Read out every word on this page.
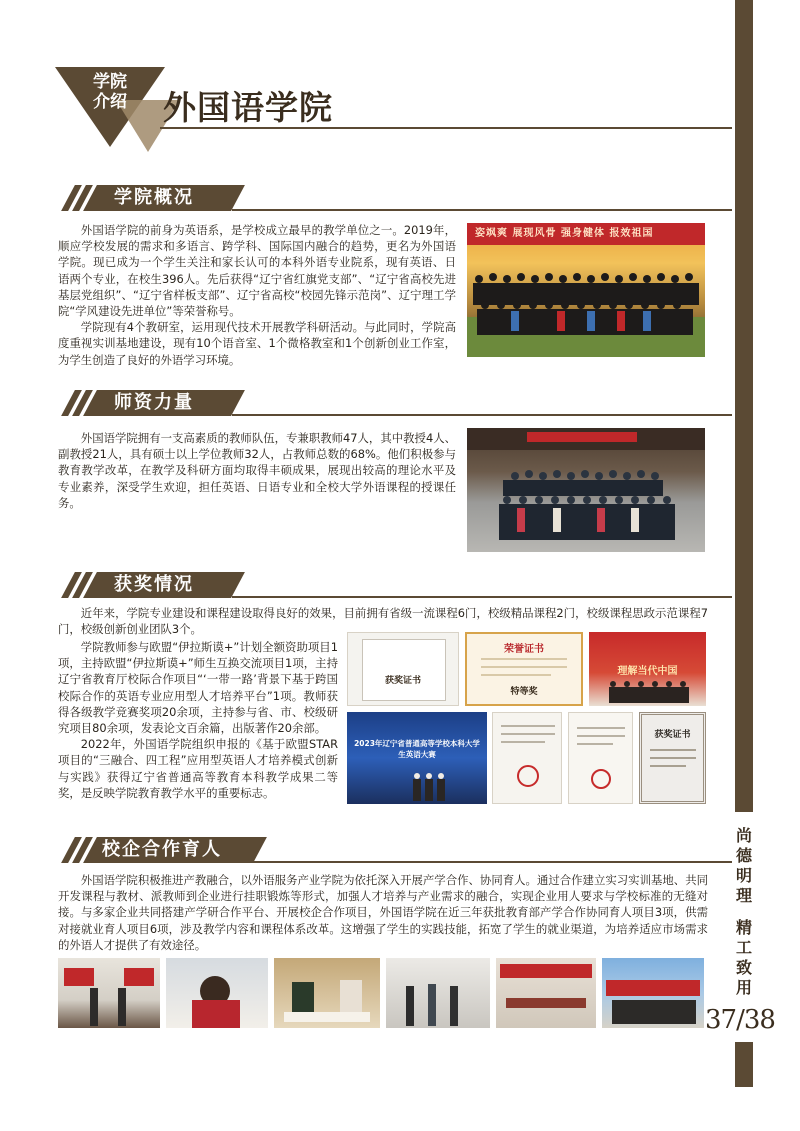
尚
德
明
理
精
工
致
用
37/38
学院
介绍	外国语学院
学院概况

外国语学院的前身为英语系，是学校成立最早的教学单位之一。2019年，顺应学校发展的需求和多语言、跨学科、国际国内融合的趋势，更名为外国语学院。现已成为一个学生关注和家长认可的本科外语专业院系，现有英语、日语两个专业，在校生396人。先后获得“辽宁省红旗党支部”、“辽宁省高校先进基层党组织”、“辽宁省样板支部”、辽宁省高校“校园先锋示范岗”、辽宁理工学院“学风建设先进单位”等荣誉称号。

学院现有4个教研室，运用现代技术开展教学科研活动。与此同时，学院高度重视实训基地建设，现有10个语音室、1个微格教室和1个创新创业工作室，为学生创造了良好的外语学习环境。

姿飒爽 展现风骨 强身健体 报效祖国
师资力量

外国语学院拥有一支高素质的教师队伍，专兼职教师47人，其中教授4人、副教授21人，具有硕士以上学位教师32人，占教师总数的68%。他们积极参与教育教学改革，在教学及科研方面均取得丰硕成果，展现出较高的理论水平及专业素养，深受学生欢迎，担任英语、日语专业和全校大学外语课程的授课任务。

获奖情况

近年来，学院专业建设和课程建设取得良好的效果，目前拥有省级一流课程6门，校级精品课程2门，校级课程思政示范课程7门，校级创新创业团队3个。

学院教师参与欧盟“伊拉斯谟+”计划全额资助项目1项，主持欧盟“伊拉斯谟+”师生互换交流项目1项，主持辽宁省教育厅校际合作项目“‘一带一路’背景下基于跨国校际合作的英语专业应用型人才培养平台”1项。教师获得各级教学竞赛奖项20余项，主持参与省、市、校级研究项目80余项，发表论文百余篇，出版著作20余部。

2022年，外国语学院组织申报的《基于欧盟STAR项目的“三融合、四工程”应用型英语人才培养模式创新与实践》获得辽宁省普通高等教育本科教学成果二等奖，是反映学院教育教学水平的重要标志。

获奖证书
荣誉证书
特等奖
理解当代中国
2023年辽宁省普通高等学校本科大学生英语大赛
获奖证书
校企合作育人

外国语学院积极推进产教融合，以外语服务产业学院为依托深入开展产学合作、协同育人。通过合作建立实习实训基地、共同开发课程与教材、派教师到企业进行挂职锻炼等形式，加强人才培养与产业需求的融合，实现企业用人要求与学校标准的无缝对接。与多家企业共同搭建产学研合作平台、开展校企合作项目，外国语学院在近三年获批教育部产学合作协同育人项目3项，供需对接就业育人项目6项，涉及教学内容和课程体系改革。这增强了学生的实践技能，拓宽了学生的就业渠道，为培养适应市场需求的外语人才提供了有效途径。
